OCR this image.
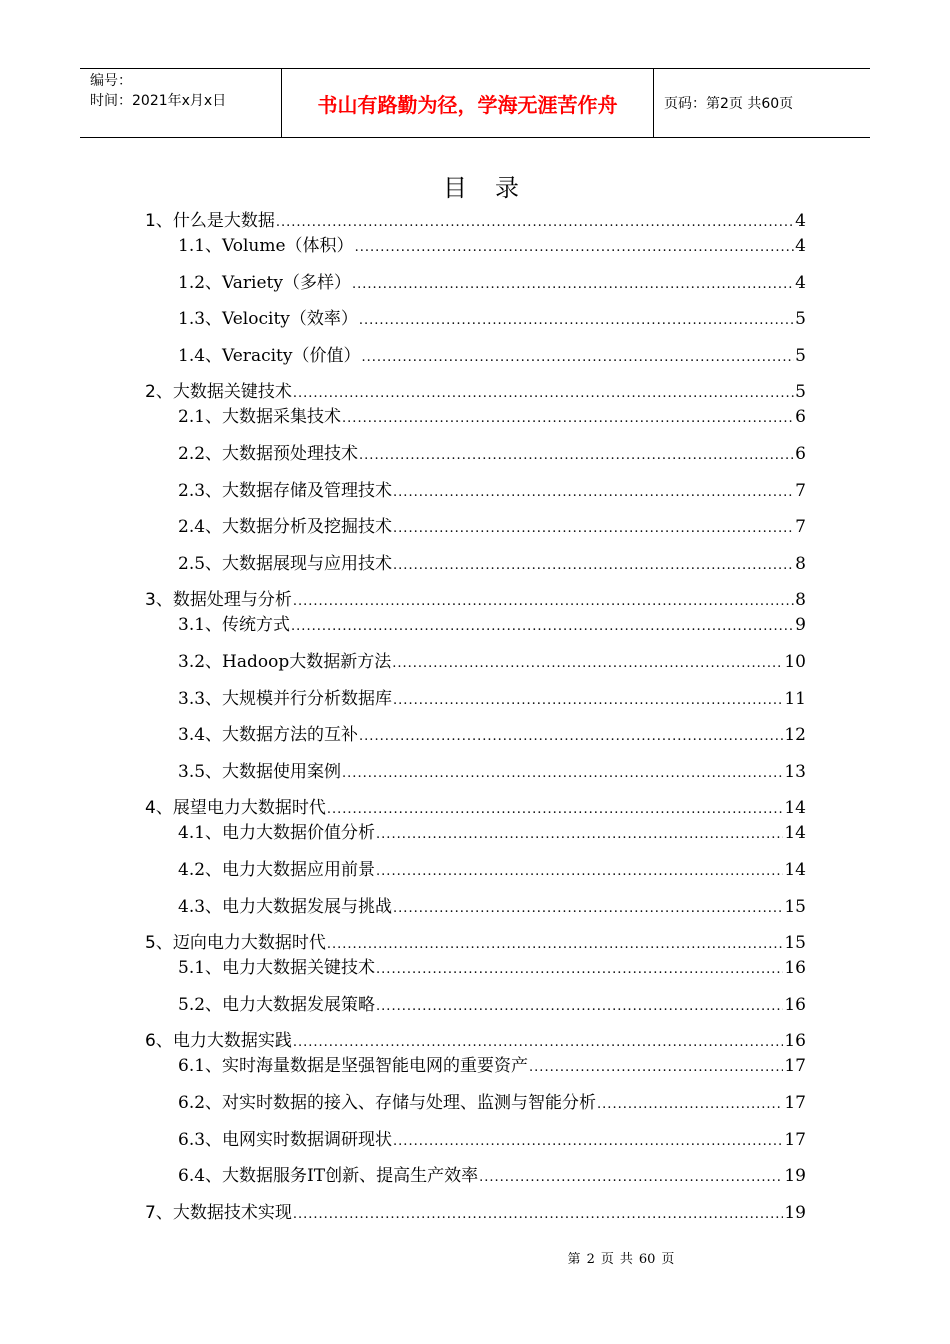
编号：
时间：2021年x月x日	书山有路勤为径，学海无涯苦作舟	页码：第2页 共60页
目录
1、什么是大数据 .....	4
1.1、Volume（体积） .....	4
1.2、Variety（多样） .....	4
1.3、Velocity（效率） .....	5
1.4、Veracity（价值） .....	5
2、大数据关键技术 .....	5
2.1、大数据采集技术 .....	6
2.2、大数据预处理技术 .....	6
2.3、大数据存储及管理技术 .....	7
2.4、大数据分析及挖掘技术 .....	7
2.5、大数据展现与应用技术 .....	8
3、数据处理与分析 .....	8
3.1、传统方式 .....	9
3.2、Hadoop大数据新方法 .....	10
3.3、大规模并行分析数据库 .....	11
3.4、大数据方法的互补 .....	12
3.5、大数据使用案例 .....	13
4、展望电力大数据时代 .....	14
4.1、电力大数据价值分析 .....	14
4.2、电力大数据应用前景 .....	14
4.3、电力大数据发展与挑战 .....	15
5、迈向电力大数据时代 .....	15
5.1、电力大数据关键技术 .....	16
5.2、电力大数据发展策略 .....	16
6、电力大数据实践 .....	16
6.1、实时海量数据是坚强智能电网的重要资产 .....	17
6.2、对实时数据的接入、存储与处理、监测与智能分析 .....	17
6.3、电网实时数据调研现状 .....	17
6.4、大数据服务IT创新、提高生产效率 .....	19
7、大数据技术实现 .....	19
第 2 页 共 60 页
